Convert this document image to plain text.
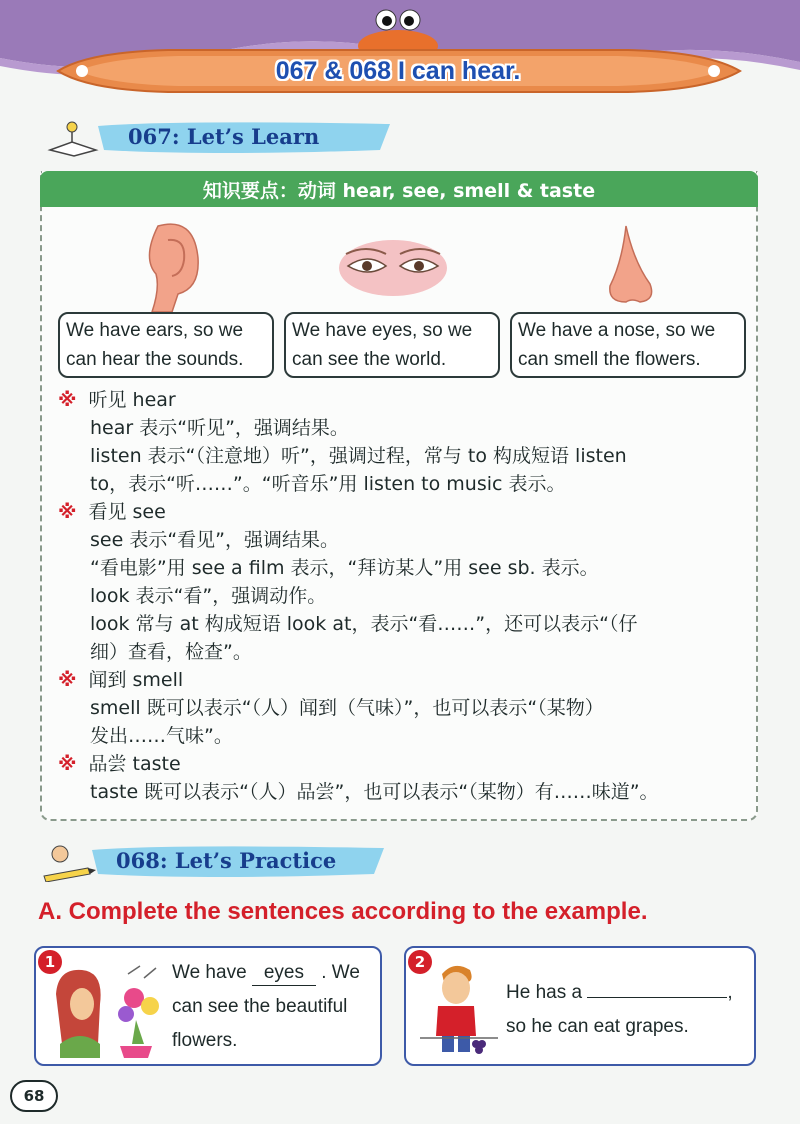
067 & 068 I can hear.
067: Let’s Learn
知识要点：动词 hear, see, smell & taste
We have ears, so we
can hear the sounds.
We have eyes, so we
can see the world.
We have a nose, so we
can smell the flowers.
※ 听见 hear
hear 表示“听见”，强调结果。
listen 表示“（注意地）听”，强调过程，常与 to 构成短语 listen
to，表示“听……”。“听音乐”用 listen to music 表示。
※ 看见 see
see 表示“看见”，强调结果。
“看电影”用 see a film 表示，“拜访某人”用 see sb. 表示。
look 表示“看”，强调动作。
look 常与 at 构成短语 look at，表示“看……”，还可以表示“（仔
细）查看，检查”。
※ 闻到 smell
smell 既可以表示“（人）闻到（气味）”，也可以表示“（某物）
发出……气味”。
※ 品尝 taste
taste 既可以表示“（人）品尝”，也可以表示“（某物）有……味道”。
068: Let’s Practice
A. Complete the sentences according to the example.
1	We have eyes . We
can see the beautiful
flowers.
2
He has a	,
so he can eat grapes.
68
